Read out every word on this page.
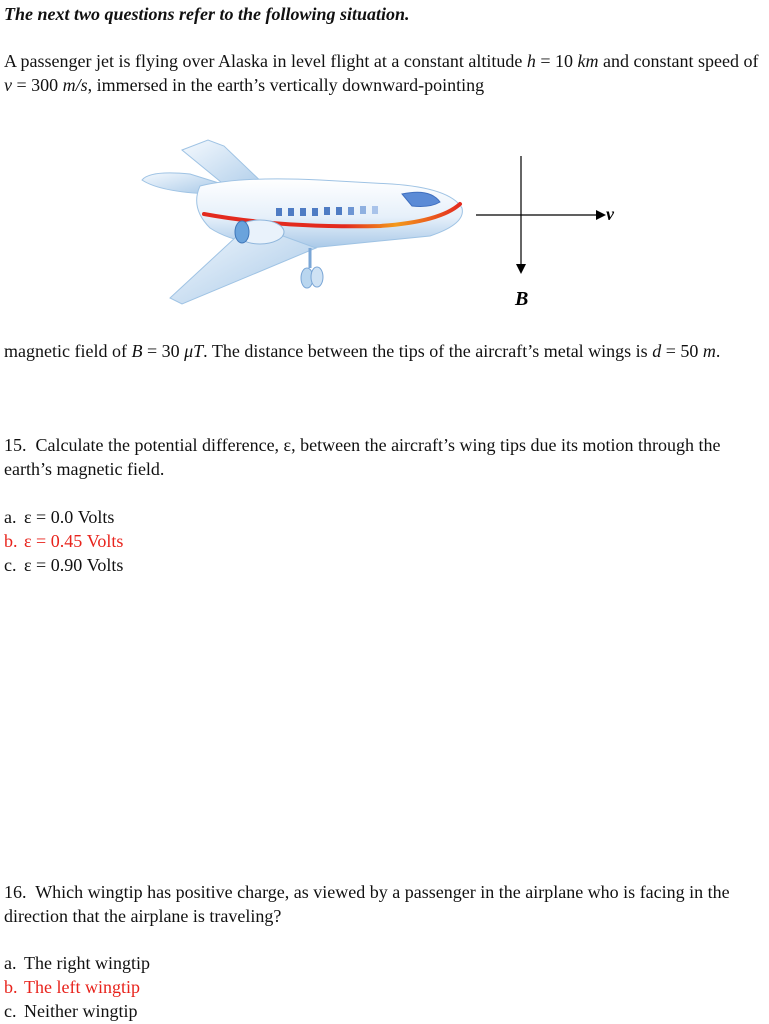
The next two questions refer to the following situation.

A passenger jet is flying over Alaska in level flight at a constant altitude h = 10 km and constant speed of v = 300 m/s, immersed in the earth’s vertically downward-pointing

v
B

magnetic field of B = 30 μT. The distance between the tips of the aircraft’s metal wings is d = 50 m.

15. Calculate the potential difference, ε, between the aircraft’s wing tips due its motion through the earth’s magnetic field.

a. ε = 0.0 Volts
b. ε = 0.45 Volts
c. ε = 0.90 Volts

16. Which wingtip has positive charge, as viewed by a passenger in the airplane who is facing in the direction that the airplane is traveling?

a. The right wingtip
b. The left wingtip
c. Neither wingtip
